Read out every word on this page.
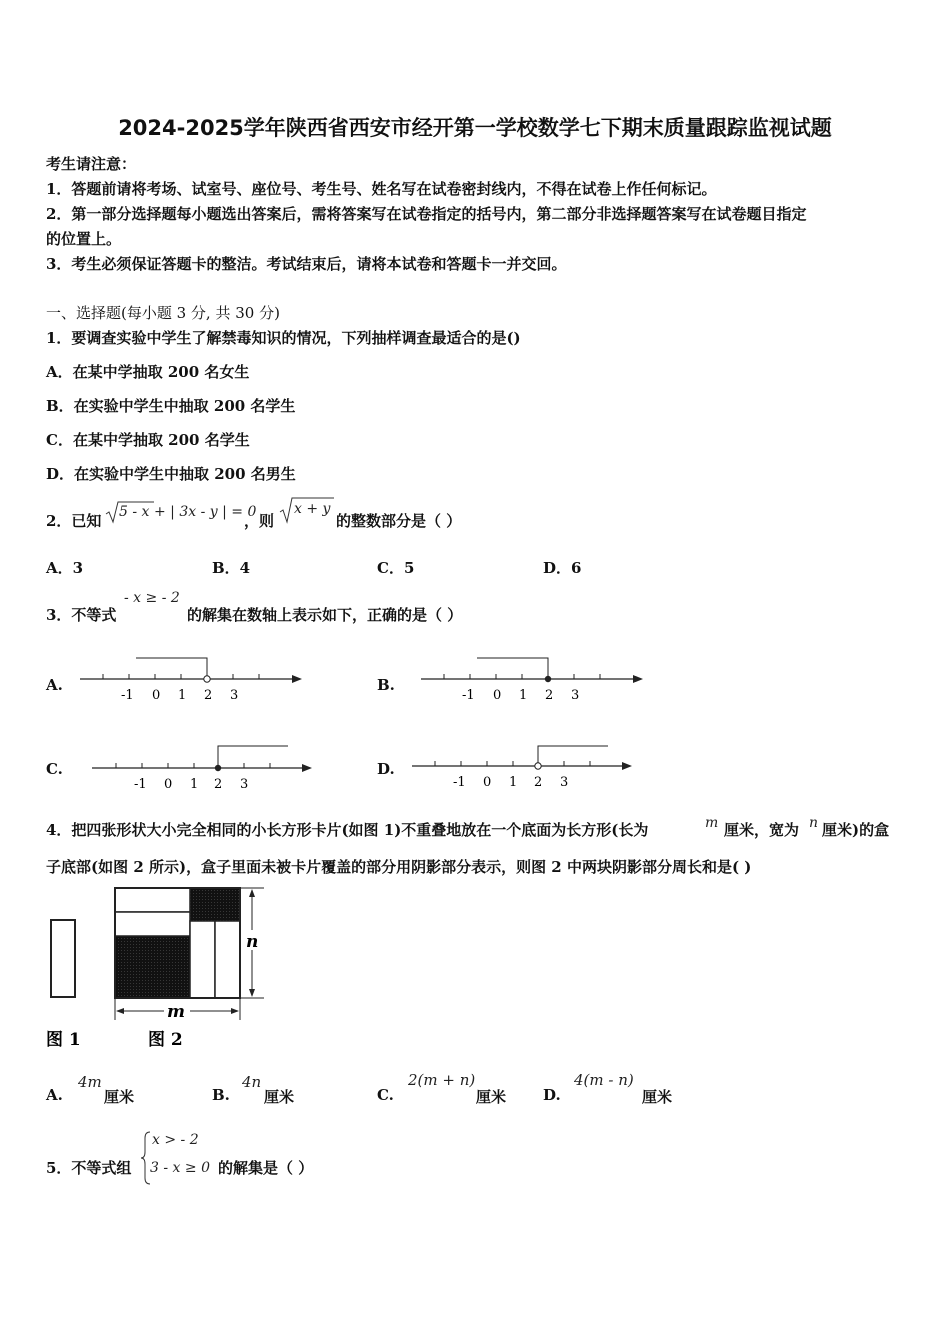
2024-2025学年陕西省西安市经开第一学校数学七下期末质量跟踪监视试题
考生请注意：
1．答题前请将考场、试室号、座位号、考生号、姓名写在试卷密封线内，不得在试卷上作任何标记。
2．第一部分选择题每小题选出答案后，需将答案写在试卷指定的括号内，第二部分非选择题答案写在试卷题目指定
的位置上。
3．考生必须保证答题卡的整洁。考试结束后，请将本试卷和答题卡一并交回。
一、选择题(每小题 3 分, 共 30 分)
1．要调查实验中学生了解禁毒知识的情况，下列抽样调查最适合的是()
A．在某中学抽取 200 名女生
B．在实验中学生中抽取 200 名学生
C．在某中学抽取 200 名学生
D．在实验中学生中抽取 200 名男生
2．已知 5 - x + | 3x - y | = 0
，则
x + y
的整数部分是（ ）
A．3	B．4	C．5	D．6
3．不等式
- x ≥ - 2
的解集在数轴上表示如下，正确的是（ ）
A.	B.
C.	D.
-1 0 1 2 3	-1 0 1 2 3
-1 0 1 2 3	-1 0 1 2 3
4．把四张形状大小完全相同的小长方形卡片(如图 1)不重叠地放在一个底面为长方形(长为	m 厘米，宽为 n 厘米)的盒
子底部(如图 2 所示)，盒子里面未被卡片覆盖的部分用阴影部分表示，则图 2 中两块阴影部分周长和是( )
n
m
图 1	图 2
A.
4m
厘米	B.
4n
厘米	C.
2(m + n)
厘米 D.
4(m - n)
厘米
5．不等式组
x > - 2
3 - x ≥ 0 的解集是（ ）
